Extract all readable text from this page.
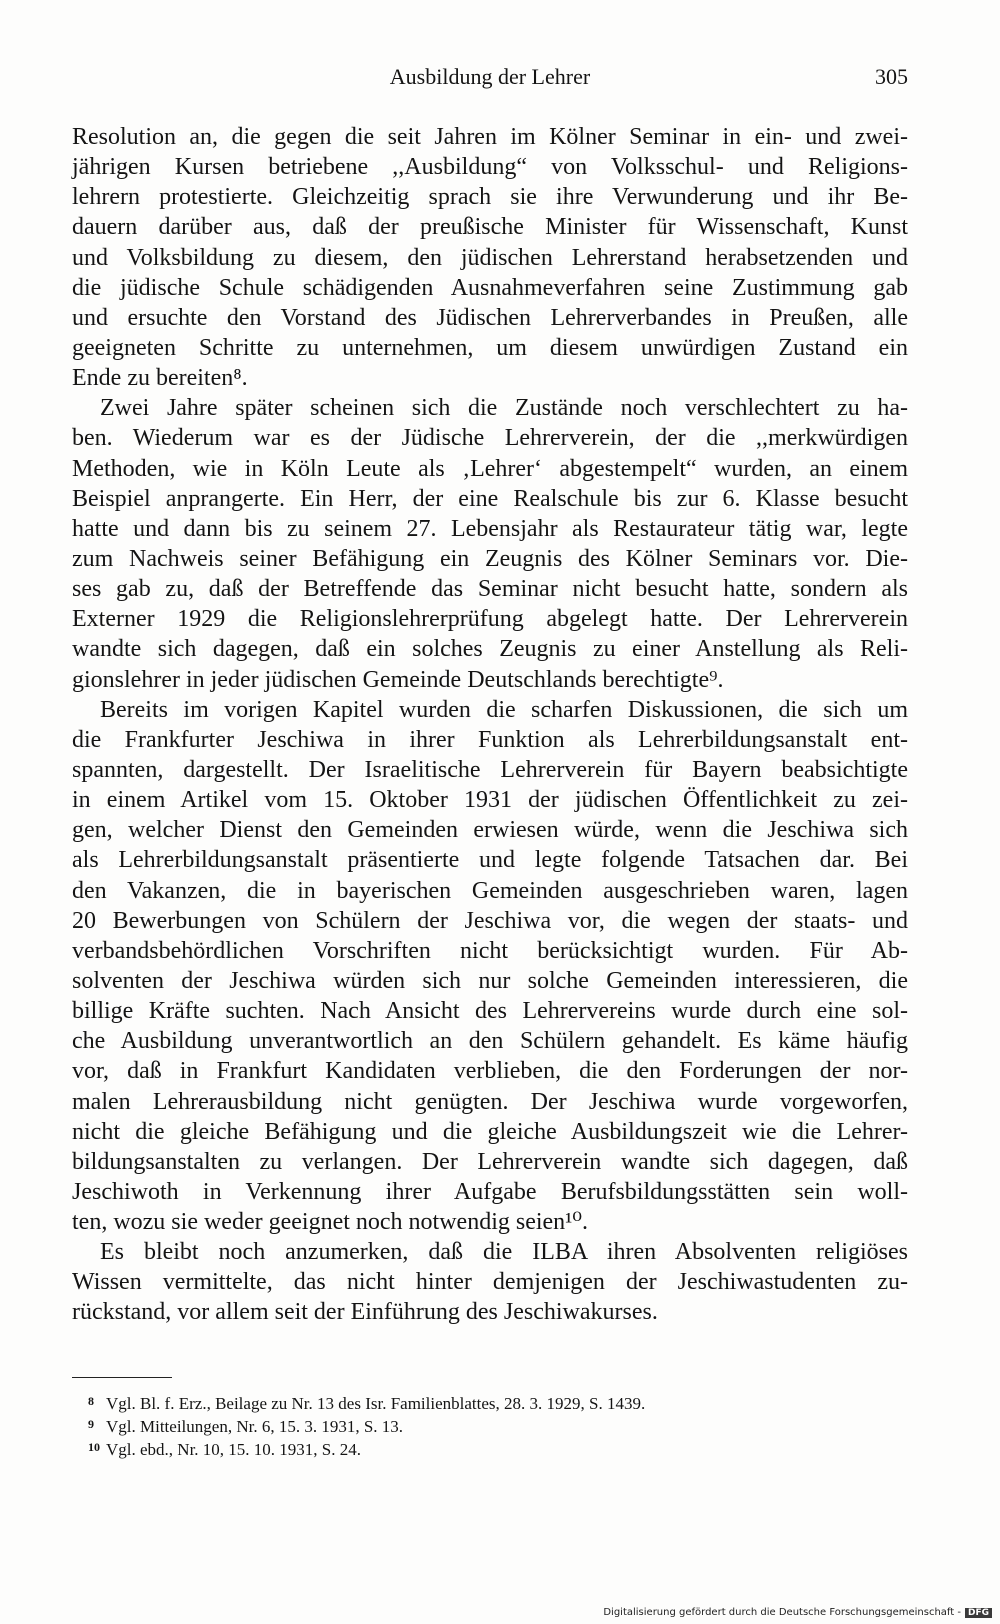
Ausbildung der Lehrer	305
Resolution an, die gegen die seit Jahren im Kölner Seminar in ein- und zwei-
jährigen Kursen betriebene ,,Ausbildung“ von Volksschul- und Religions-
lehrern protestierte. Gleichzeitig sprach sie ihre Verwunderung und ihr Be-
dauern darüber aus, daß der preußische Minister für Wissenschaft, Kunst
und Volksbildung zu diesem, den jüdischen Lehrerstand herabsetzenden und
die jüdische Schule schädigenden Ausnahmeverfahren seine Zustimmung gab
und ersuchte den Vorstand des Jüdischen Lehrerverbandes in Preußen, alle
geeigneten Schritte zu unternehmen, um diesem unwürdigen Zustand ein
Ende zu bereiten⁸.
Zwei Jahre später scheinen sich die Zustände noch verschlechtert zu ha-
ben. Wiederum war es der Jüdische Lehrerverein, der die ,,merkwürdigen
Methoden, wie in Köln Leute als ‚Lehrer‘ abgestempelt“ wurden, an einem
Beispiel anprangerte. Ein Herr, der eine Realschule bis zur 6. Klasse besucht
hatte und dann bis zu seinem 27. Lebensjahr als Restaurateur tätig war, legte
zum Nachweis seiner Befähigung ein Zeugnis des Kölner Seminars vor. Die-
ses gab zu, daß der Betreffende das Seminar nicht besucht hatte, sondern als
Externer 1929 die Religionslehrerprüfung abgelegt hatte. Der Lehrerverein
wandte sich dagegen, daß ein solches Zeugnis zu einer Anstellung als Reli-
gionslehrer in jeder jüdischen Gemeinde Deutschlands berechtigte⁹.
Bereits im vorigen Kapitel wurden die scharfen Diskussionen, die sich um
die Frankfurter Jeschiwa in ihrer Funktion als Lehrerbildungsanstalt ent-
spannten, dargestellt. Der Israelitische Lehrerverein für Bayern beabsichtigte
in einem Artikel vom 15. Oktober 1931 der jüdischen Öffentlichkeit zu zei-
gen, welcher Dienst den Gemeinden erwiesen würde, wenn die Jeschiwa sich
als Lehrerbildungsanstalt präsentierte und legte folgende Tatsachen dar. Bei
den Vakanzen, die in bayerischen Gemeinden ausgeschrieben waren, lagen
20 Bewerbungen von Schülern der Jeschiwa vor, die wegen der staats- und
verbandsbehördlichen Vorschriften nicht berücksichtigt wurden. Für Ab-
solventen der Jeschiwa würden sich nur solche Gemeinden interessieren, die
billige Kräfte suchten. Nach Ansicht des Lehrervereins wurde durch eine sol-
che Ausbildung unverantwortlich an den Schülern gehandelt. Es käme häufig
vor, daß in Frankfurt Kandidaten verblieben, die den Forderungen der nor-
malen Lehrerausbildung nicht genügten. Der Jeschiwa wurde vorgeworfen,
nicht die gleiche Befähigung und die gleiche Ausbildungszeit wie die Lehrer-
bildungsanstalten zu verlangen. Der Lehrerverein wandte sich dagegen, daß
Jeschiwoth in Verkennung ihrer Aufgabe Berufsbildungsstätten sein woll-
ten, wozu sie weder geeignet noch notwendig seien¹⁰.
Es bleibt noch anzumerken, daß die ILBA ihren Absolventen religiöses
Wissen vermittelte, das nicht hinter demjenigen der Jeschiwastudenten zu-
rückstand, vor allem seit der Einführung des Jeschiwakurses.
8 Vgl. Bl. f. Erz., Beilage zu Nr. 13 des Isr. Familienblattes, 28. 3. 1929, S. 1439.
9 Vgl. Mitteilungen, Nr. 6, 15. 3. 1931, S. 13.
10 Vgl. ebd., Nr. 10, 15. 10. 1931, S. 24.
Digitalisierung gefördert durch die Deutsche Forschungsgemeinschaft - DFG
